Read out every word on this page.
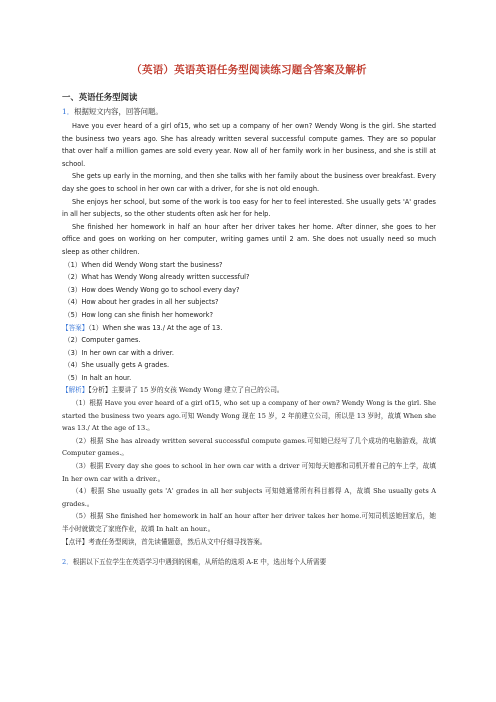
（英语）英语英语任务型阅读练习题含答案及解析
一、英语任务型阅读
1．根据短文内容，回答问题。

Have you ever heard of a girl of15, who set up a company of her own? Wendy Wong is the girl. She started the business two years ago. She has already written several successful compute games. They are so popular that over half a million games are sold every year. Now all of her family work in her business, and she is still at school.

She gets up early in the morning, and then she talks with her family about the business over breakfast. Every day she goes to school in her own car with a driver, for she is not old enough.

She enjoys her school, but some of the work is too easy for her to feel interested. She usually gets 'A' grades in all her subjects, so the other students often ask her for help.

She finished her homework in half an hour after her driver takes her home. After dinner, she goes to her office and goes on working on her computer, writing games until 2 am. She does not usually need so much sleep as other children.

（1）When did Wendy Wong start the business?

（2）What has Wendy Wong already written successful?

（3）How does Wendy Wong go to school every day?

（4）How about her grades in all her subjects?

（5）How long can she finish her homework?

【答案】（1）When she was 13./ At the age of 13.

（2）Computer games.

（3）In her own car with a driver.

（4）She usually gets A grades.

（5）In halt an hour.

【解析】【分析】主要讲了 15 岁的女孩 Wendy Wong 建立了自己的公司。

（1）根据 Have you ever heard of a girl of15, who set up a company of her own? Wendy Wong is the girl. She started the business two years ago.可知 Wendy Wong 现在 15 岁，2 年前建立公司，所以是 13 岁时，故填 When she was 13./ At the age of 13.。

（2）根据 She has already written several successful compute games.可知她已经写了几个成功的电脑游戏，故填 Computer games.。

（3）根据 Every day she goes to school in her own car with a driver 可知每天她都和司机开着自己的车上学，故填 In her own car with a driver.。

（4）根据 She usually gets 'A' grades in all her subjects 可知她通常所有科目都得 A，故填 She usually gets A grades.。

（5）根据 She finished her homework in half an hour after her driver takes her home.可知司机送她回家后，她半小时就做完了家庭作业，故填 In halt an hour.。

【点评】考查任务型阅读，首先读懂题意，然后从文中仔细寻找答案。

2．根据以下五位学生在英语学习中遇到的困难，从所给的选项 A-E 中，选出每个人所需要
